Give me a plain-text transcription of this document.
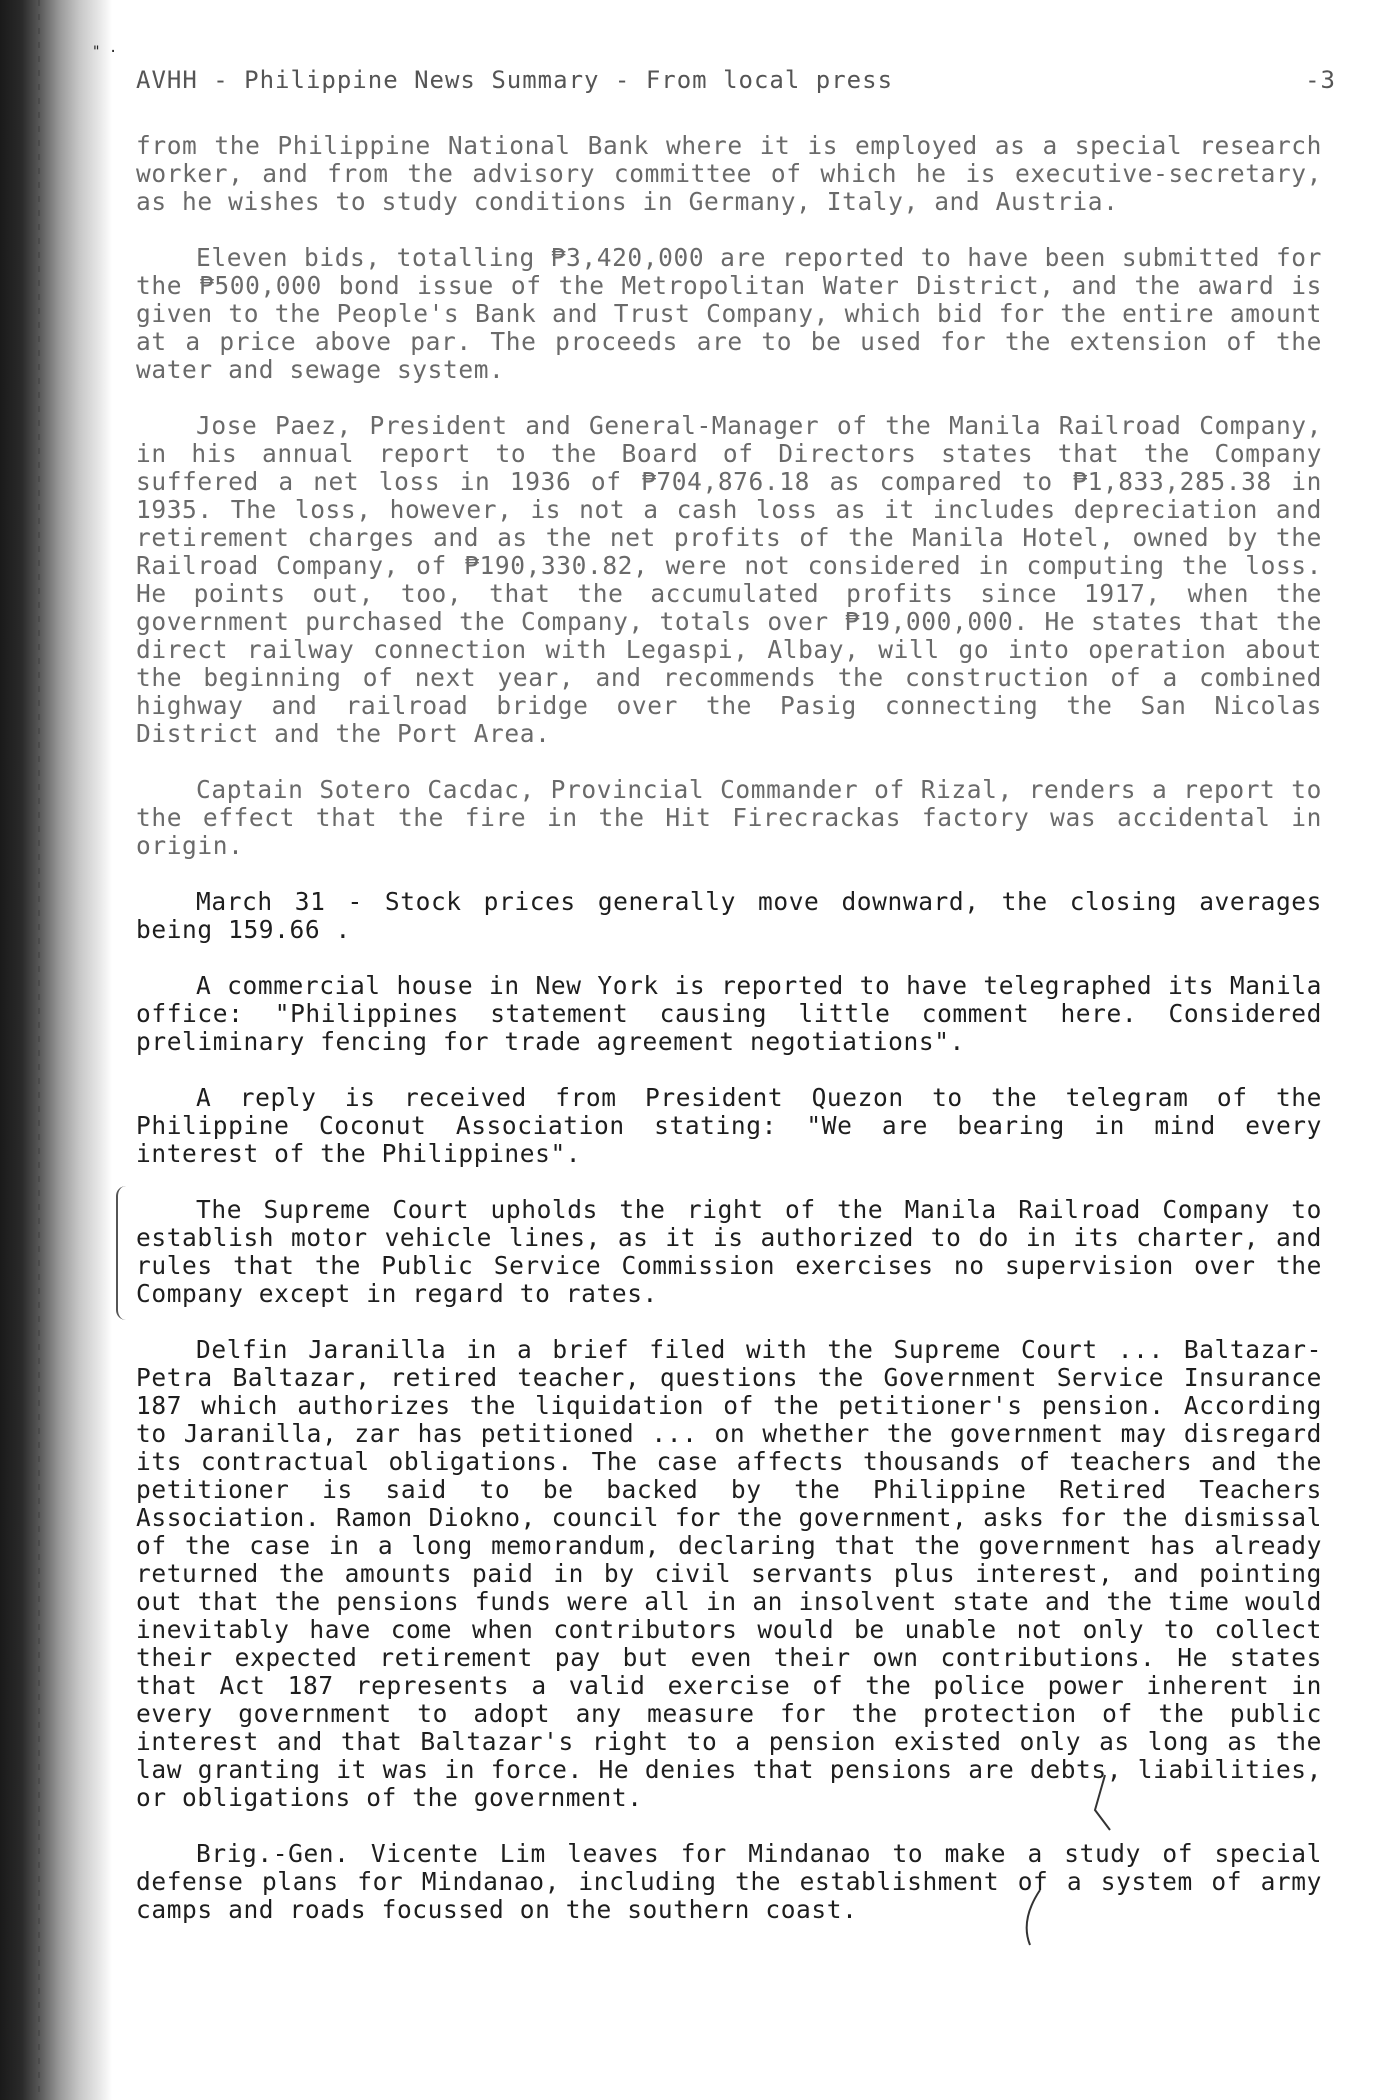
" ·
AVHH - Philippine News Summary - From local press	-3

from the Philippine National Bank where it is employed as a special research worker, and from the advisory committee of which he is executive-secretary, as he wishes to study conditions in Germany, Italy, and Austria.

Eleven bids, totalling ₱3,420,000 are reported to have been submitted for the ₱500,000 bond issue of the Metropolitan Water District, and the award is given to the People's Bank and Trust Company, which bid for the entire amount at a price above par. The proceeds are to be used for the extension of the water and sewage system.

Jose Paez, President and General-Manager of the Manila Railroad Company, in his annual report to the Board of Directors states that the Company suffered a net loss in 1936 of ₱704,876.18 as compared to ₱1,833,285.38 in 1935. The loss, however, is not a cash loss as it includes depreciation and retirement charges and as the net profits of the Manila Hotel, owned by the Railroad Company, of ₱190,330.82, were not considered in computing the loss. He points out, too, that the accumulated profits since 1917, when the government purchased the Company, totals over ₱19,000,000. He states that the direct railway connection with Legaspi, Albay, will go into operation about the beginning of next year, and recommends the construction of a combined highway and railroad bridge over the Pasig connecting the San Nicolas District and the Port Area.

Captain Sotero Cacdac, Provincial Commander of Rizal, renders a report to the effect that the fire in the Hit Firecrackas factory was accidental in origin.

March 31 - Stock prices generally move downward, the closing averages being 159.66 .

A commercial house in New York is reported to have telegraphed its Manila office: "Philippines statement causing little comment here. Considered preliminary fencing for trade agreement negotiations".

A reply is received from President Quezon to the telegram of the Philippine Coconut Association stating: "We are bearing in mind every interest of the Philippines".

The Supreme Court upholds the right of the Manila Railroad Company to establish motor vehicle lines, as it is authorized to do in its charter, and rules that the Public Service Commission exercises no supervision over the Company except in regard to rates.

Delfin Jaranilla in a brief filed with the Supreme Court ... Baltazar-Petra Baltazar, retired teacher, questions the Government Service Insurance 187 which authorizes the liquidation of the petitioner's pension. According to Jaranilla, zar has petitioned ... on whether the government may disregard its contractual obligations. The case affects thousands of teachers and the petitioner is said to be backed by the Philippine Retired Teachers Association. Ramon Diokno, council for the government, asks for the dismissal of the case in a long memorandum, declaring that the government has already returned the amounts paid in by civil servants plus interest, and pointing out that the pensions funds were all in an insolvent state and the time would inevitably have come when contributors would be unable not only to collect their expected retirement pay but even their own contributions. He states that Act 187 represents a valid exercise of the police power inherent in every government to adopt any measure for the protection of the public interest and that Baltazar's right to a pension existed only as long as the law granting it was in force. He denies that pensions are debts, liabilities, or obligations of the government.

Brig.-Gen. Vicente Lim leaves for Mindanao to make a study of special defense plans for Mindanao, including the establishment of a system of army camps and roads focussed on the southern coast.
